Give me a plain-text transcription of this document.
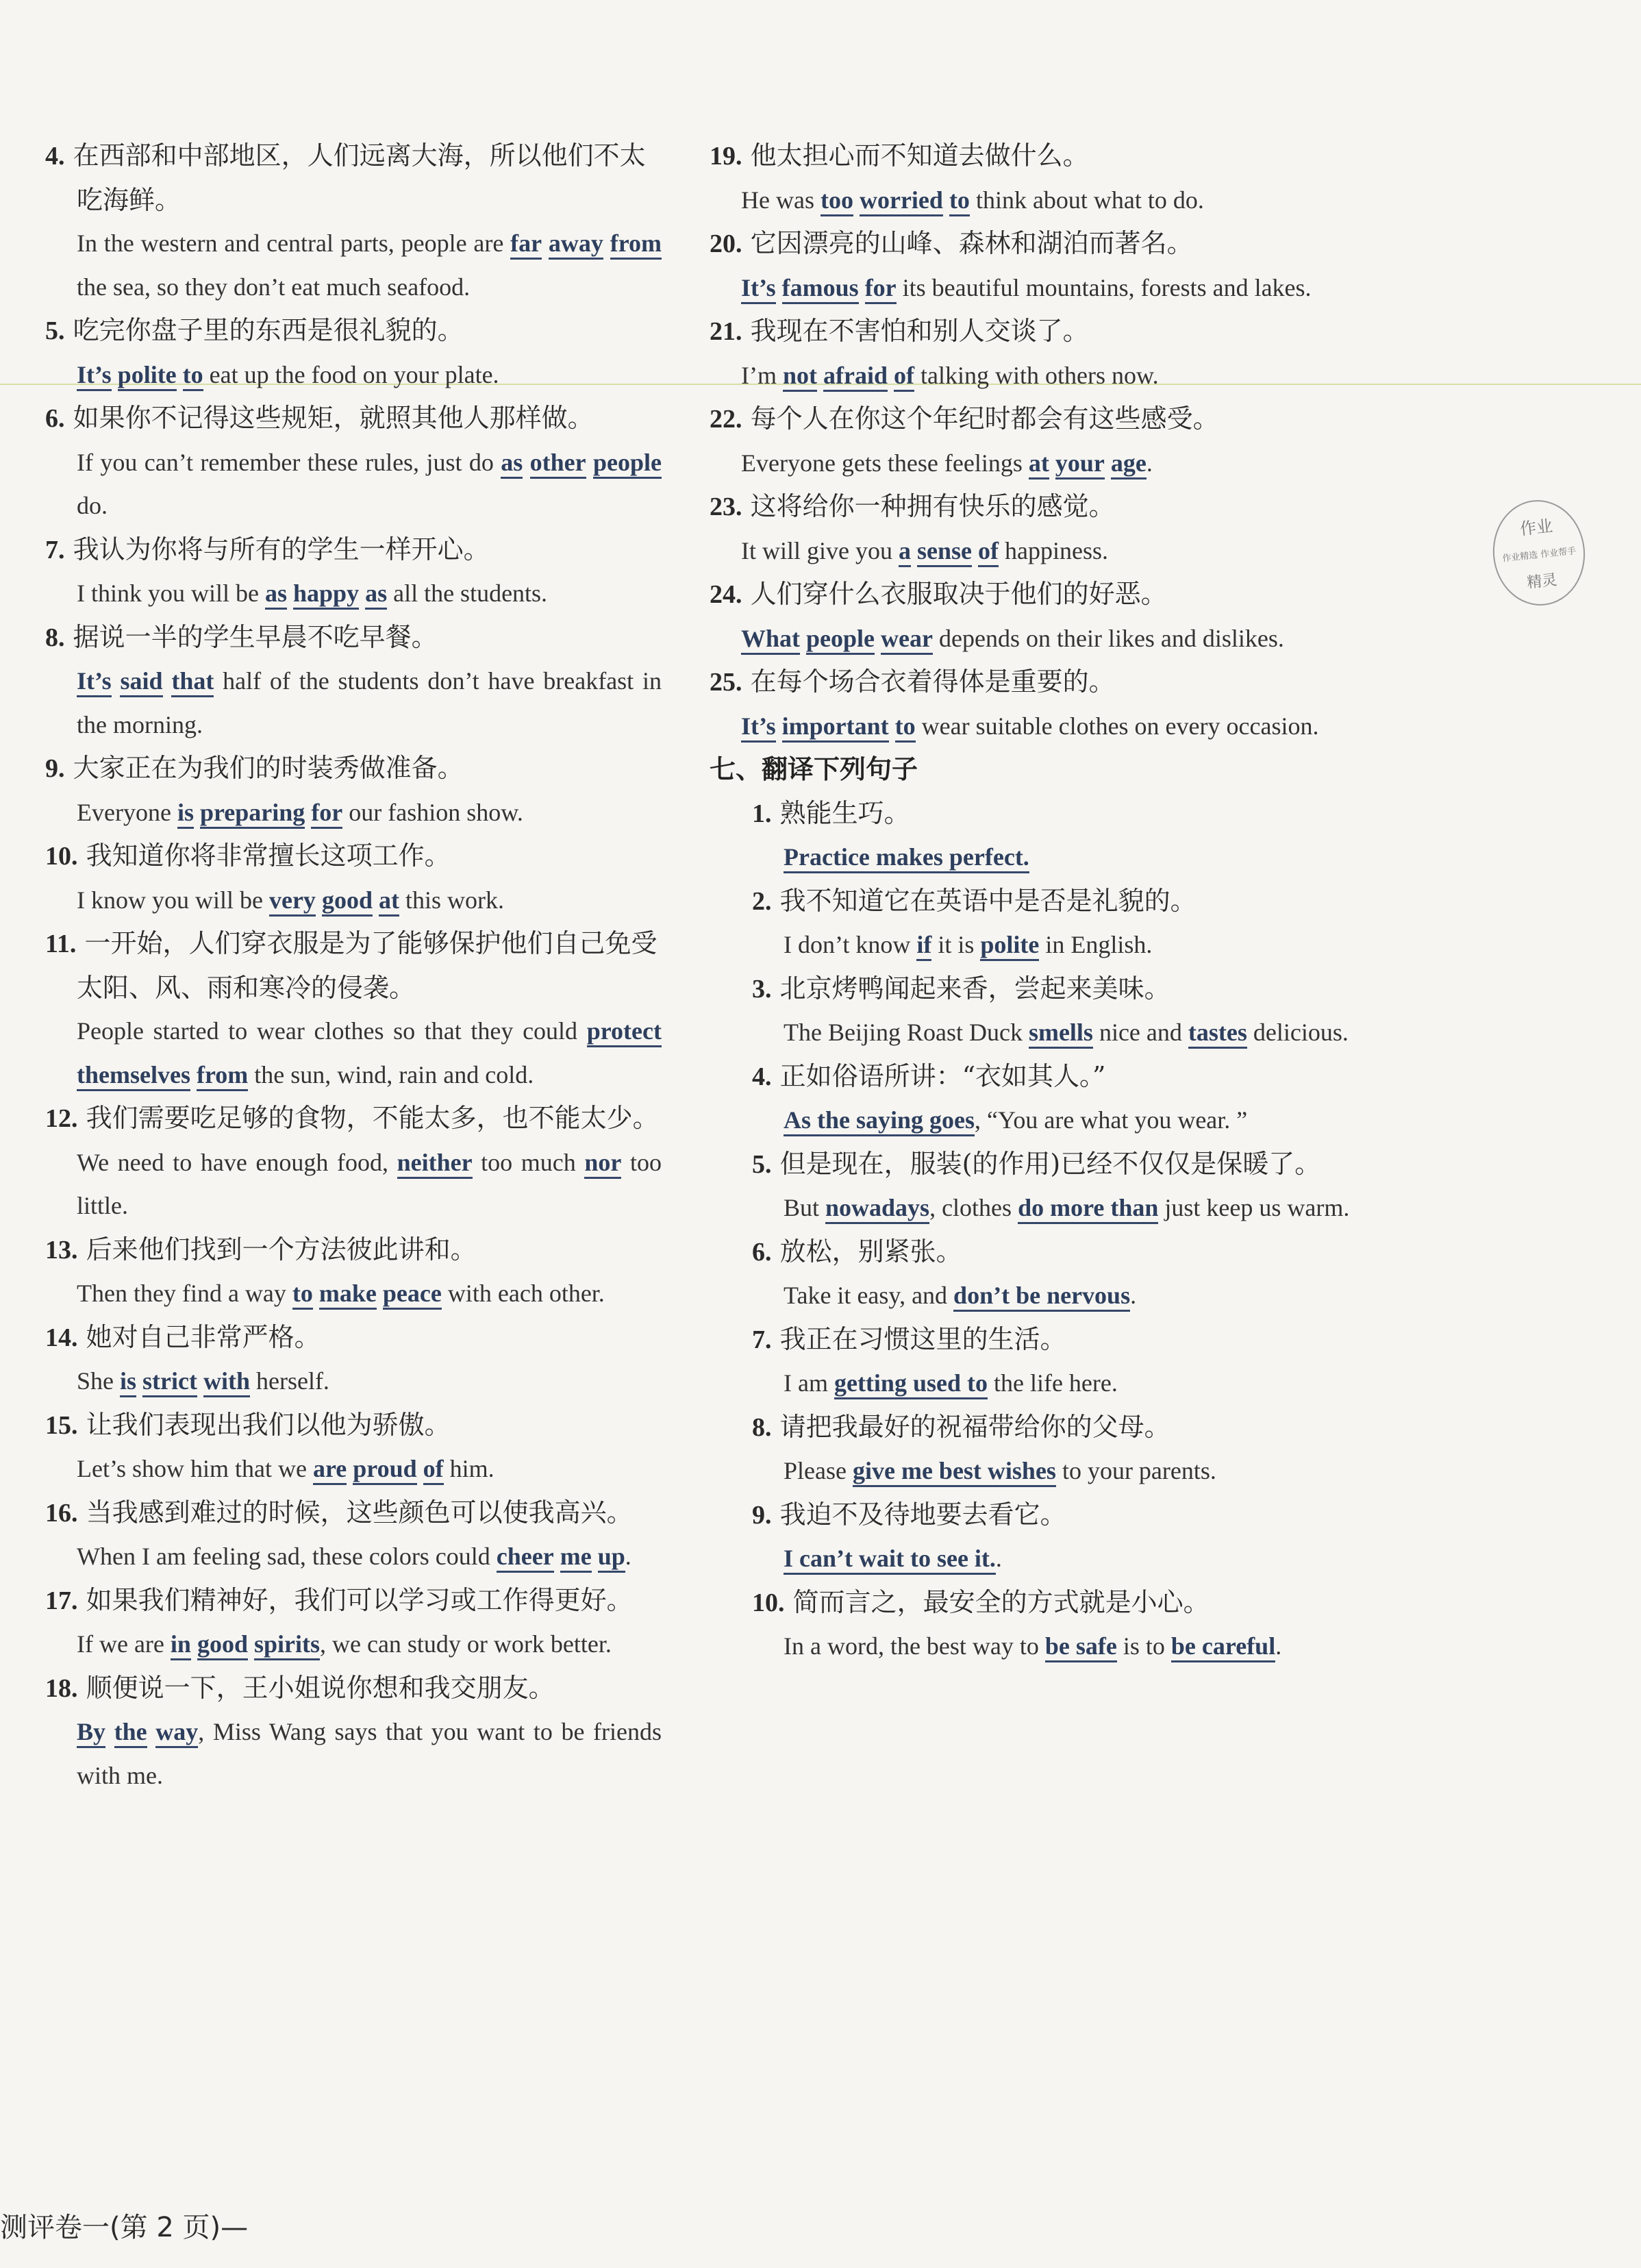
4. 在西部和中部地区，人们远离大海，所以他们不太吃海鲜。
In the western and central parts, people are far away from the sea, so they don’t eat much seafood.
5. 吃完你盘子里的东西是很礼貌的。
It’s polite to eat up the food on your plate.
6. 如果你不记得这些规矩，就照其他人那样做。
If you can’t remember these rules, just do as other people do.
7. 我认为你将与所有的学生一样开心。
I think you will be as happy as all the students.
8. 据说一半的学生早晨不吃早餐。
It’s said that half of the students don’t have breakfast in the morning.
9. 大家正在为我们的时装秀做准备。
Everyone is preparing for our fashion show.
10. 我知道你将非常擅长这项工作。
I know you will be very good at this work.
11. 一开始，人们穿衣服是为了能够保护他们自己免受太阳、风、雨和寒冷的侵袭。
People started to wear clothes so that they could protect themselves from the sun, wind, rain and cold.
12. 我们需要吃足够的食物，不能太多，也不能太少。
We need to have enough food, neither too much nor too little.
13. 后来他们找到一个方法彼此讲和。
Then they find a way to make peace with each other.
14. 她对自己非常严格。
She is strict with herself.
15. 让我们表现出我们以他为骄傲。
Let’s show him that we are proud of him.
16. 当我感到难过的时候，这些颜色可以使我高兴。
When I am feeling sad, these colors could cheer me up.
17. 如果我们精神好，我们可以学习或工作得更好。
If we are in good spirits, we can study or work better.
18. 顺便说一下，王小姐说你想和我交朋友。
By the way, Miss Wang says that you want to be friends with me.
19. 他太担心而不知道去做什么。
He was too worried to think about what to do.
20. 它因漂亮的山峰、森林和湖泊而著名。
It’s famous for its beautiful mountains, forests and lakes.
21. 我现在不害怕和别人交谈了。
I’m not afraid of talking with others now.
22. 每个人在你这个年纪时都会有这些感受。
Everyone gets these feelings at your age.
23. 这将给你一种拥有快乐的感觉。
It will give you a sense of happiness.
24. 人们穿什么衣服取决于他们的好恶。
What people wear depends on their likes and dislikes.
25. 在每个场合衣着得体是重要的。
It’s important to wear suitable clothes on every occasion.
七、翻译下列句子
1. 熟能生巧。
Practice makes perfect.
2. 我不知道它在英语中是否是礼貌的。
I don’t know if it is polite in English.
3. 北京烤鸭闻起来香，尝起来美味。
The Beijing Roast Duck smells nice and tastes delicious.
4. 正如俗语所讲：“衣如其人。”
As the saying goes, “You are what you wear. ”
5. 但是现在，服装(的作用)已经不仅仅是保暖了。
But nowadays, clothes do more than just keep us warm.
6. 放松，别紧张。
Take it easy, and don’t be nervous.
7. 我正在习惯这里的生活。
I am getting used to the life here.
8. 请把我最好的祝福带给你的父母。
Please give me best wishes to your parents.
9. 我迫不及待地要去看它。
I can’t wait to see it..
10. 简而言之，最安全的方式就是小心。
In a word, the best way to be safe is to be careful.
作业
作业精选 作业帮手
精灵
测评卷一(第 2 页)—
